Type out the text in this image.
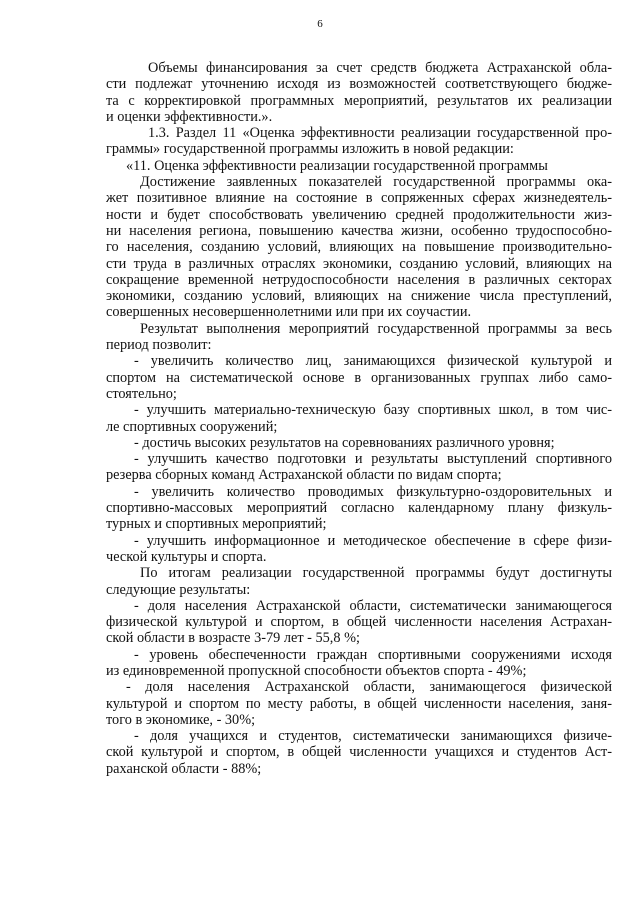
6
Объемы финансирования за счет средств бюджета Астраханской обла-
сти подлежат уточнению исходя из возможностей соответствующего бюдже-
та с корректировкой программных мероприятий, результатов их реализации
и оценки эффективности.».
1.3. Раздел 11 «Оценка эффективности реализации государственной про-
граммы» государственной программы изложить в новой редакции:
«11. Оценка эффективности реализации государственной программы
Достижение заявленных показателей государственной программы ока-
жет позитивное влияние на состояние в сопряженных сферах жизнедеятель-
ности и будет способствовать увеличению средней продолжительности жиз-
ни населения региона, повышению качества жизни, особенно трудоспособно-
го населения, созданию условий, влияющих на повышение производительно-
сти труда в различных отраслях экономики, созданию условий, влияющих на
сокращение временной нетрудоспособности населения в различных секторах
экономики, созданию условий, влияющих на снижение числа преступлений,
совершенных несовершеннолетними или при их соучастии.
Результат выполнения мероприятий государственной программы за весь
период позволит:
- увеличить количество лиц, занимающихся физической культурой и
спортом на систематической основе в организованных группах либо само-
стоятельно;
- улучшить материально-техническую базу спортивных школ, в том чис-
ле спортивных сооружений;
- достичь высоких результатов на соревнованиях различного уровня;
- улучшить качество подготовки и результаты выступлений спортивного
резерва сборных команд Астраханской области по видам спорта;
- увеличить количество проводимых физкультурно-оздоровительных и
спортивно-массовых мероприятий согласно календарному плану физкуль-
турных и спортивных мероприятий;
- улучшить информационное и методическое обеспечение в сфере физи-
ческой культуры и спорта.
По итогам реализации государственной программы будут достигнуты
следующие результаты:
- доля населения Астраханской области, систематически занимающегося
физической культурой и спортом, в общей численности населения Астрахан-
ской области в возрасте 3-79 лет - 55,8 %;
- уровень обеспеченности граждан спортивными сооружениями исходя
из единовременной пропускной способности объектов спорта - 49%;
- доля населения Астраханской области, занимающегося физической
культурой и спортом по месту работы, в общей численности населения, заня-
того в экономике, - 30%;
- доля учащихся и студентов, систематически занимающихся физиче-
ской культурой и спортом, в общей численности учащихся и студентов Аст-
раханской области - 88%;
